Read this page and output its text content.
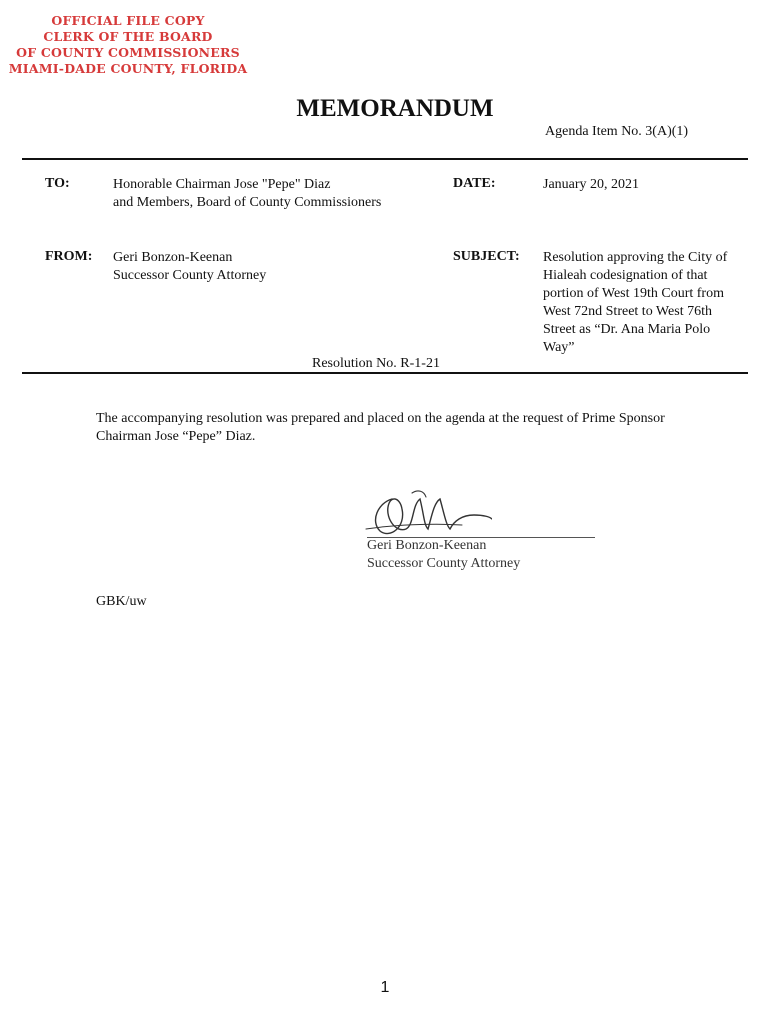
OFFICIAL FILE COPY
CLERK OF THE BOARD
OF COUNTY COMMISSIONERS
MIAMI-DADE COUNTY, FLORIDA
MEMORANDUM
Agenda Item No. 3(A)(1)
TO:	Honorable Chairman Jose "Pepe" Diaz
and Members, Board of County Commissioners
DATE:	January 20, 2021
FROM: Geri Bonzon-Keenan
Successor County Attorney
SUBJECT: Resolution approving the City of
Hialeah codesignation of that
portion of West 19th Court from
West 72nd Street to West 76th
Street as “Dr. Ana Maria Polo
Way”
Resolution No. R-1-21
The accompanying resolution was prepared and placed on the agenda at the request of Prime Sponsor
Chairman Jose “Pepe” Diaz.
Geri Bonzon-Keenan
Successor County Attorney
GBK/uw
1
